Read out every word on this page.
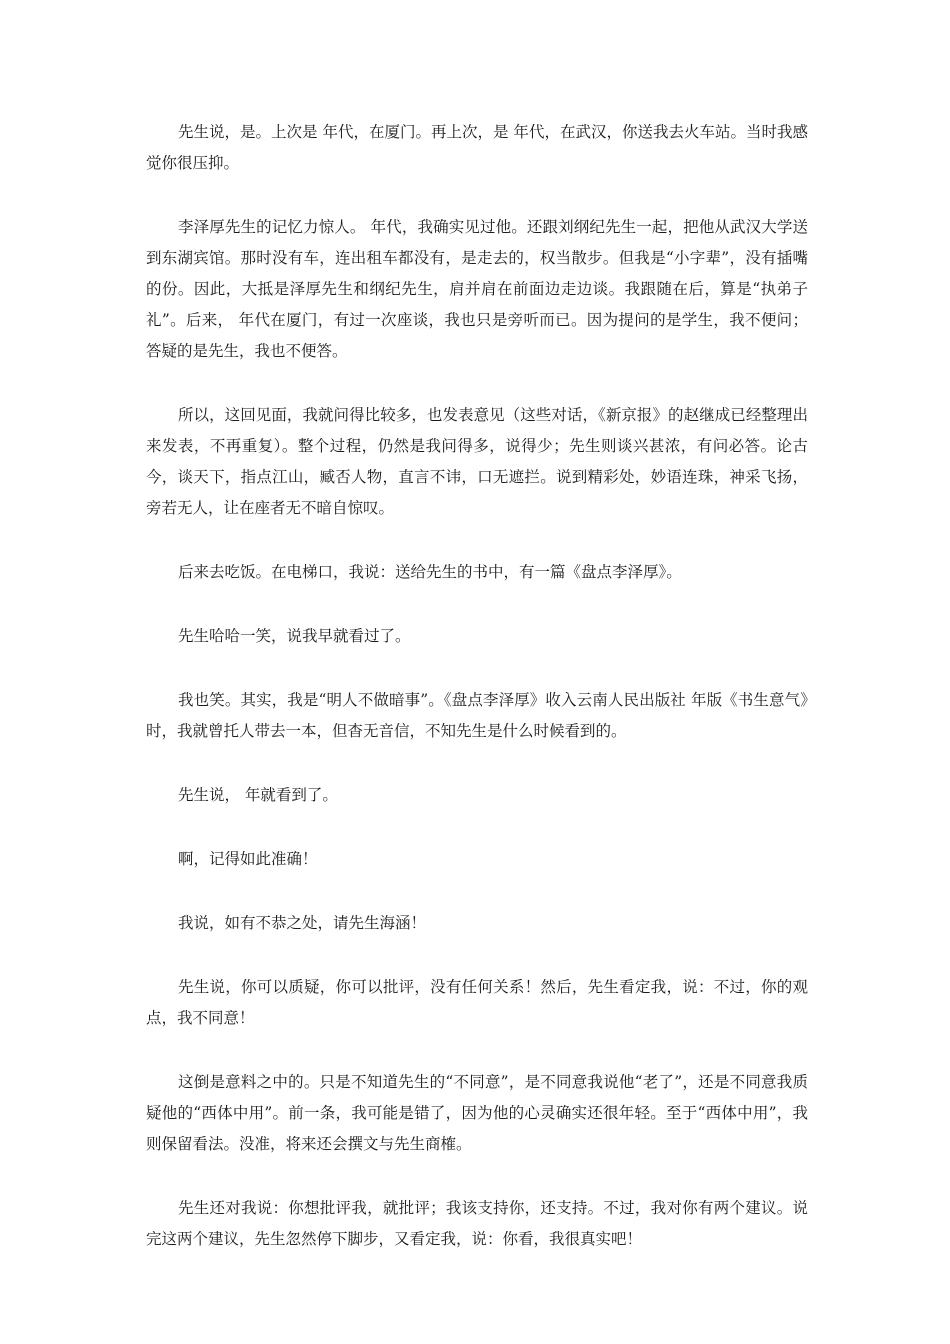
先生说，是。上次是 年代，在厦门。再上次，是 年代，在武汉，你送我去火车站。当时我感觉你很压抑。

李泽厚先生的记忆力惊人。 年代，我确实见过他。还跟刘纲纪先生一起，把他从武汉大学送到东湖宾馆。那时没有车，连出租车都没有，是走去的，权当散步。但我是“小字辈”，没有插嘴的份。因此，大抵是泽厚先生和纲纪先生，肩并肩在前面边走边谈。我跟随在后，算是“执弟子礼”。后来， 年代在厦门，有过一次座谈，我也只是旁听而已。因为提问的是学生，我不便问；答疑的是先生，我也不便答。

所以，这回见面，我就问得比较多，也发表意见（这些对话，《新京报》的赵继成已经整理出来发表，不再重复）。整个过程，仍然是我问得多，说得少；先生则谈兴甚浓，有问必答。论古今，谈天下，指点江山，臧否人物，直言不讳，口无遮拦。说到精彩处，妙语连珠，神采飞扬，旁若无人，让在座者无不暗自惊叹。

后来去吃饭。在电梯口，我说：送给先生的书中，有一篇《盘点李泽厚》。

先生哈哈一笑，说我早就看过了。

我也笑。其实，我是“明人不做暗事”。《盘点李泽厚》收入云南人民出版社 年版《书生意气》时，我就曾托人带去一本，但杳无音信，不知先生是什么时候看到的。

先生说， 年就看到了。

啊，记得如此准确！

我说，如有不恭之处，请先生海涵！

先生说，你可以质疑，你可以批评，没有任何关系！然后，先生看定我，说：不过，你的观点，我不同意！

这倒是意料之中的。只是不知道先生的“不同意”，是不同意我说他“老了”，还是不同意我质疑他的“西体中用”。前一条，我可能是错了，因为他的心灵确实还很年轻。至于“西体中用”，我则保留看法。没准，将来还会撰文与先生商榷。

先生还对我说：你想批评我，就批评；我该支持你，还支持。不过，我对你有两个建议。说完这两个建议，先生忽然停下脚步，又看定我，说：你看，我很真实吧！
